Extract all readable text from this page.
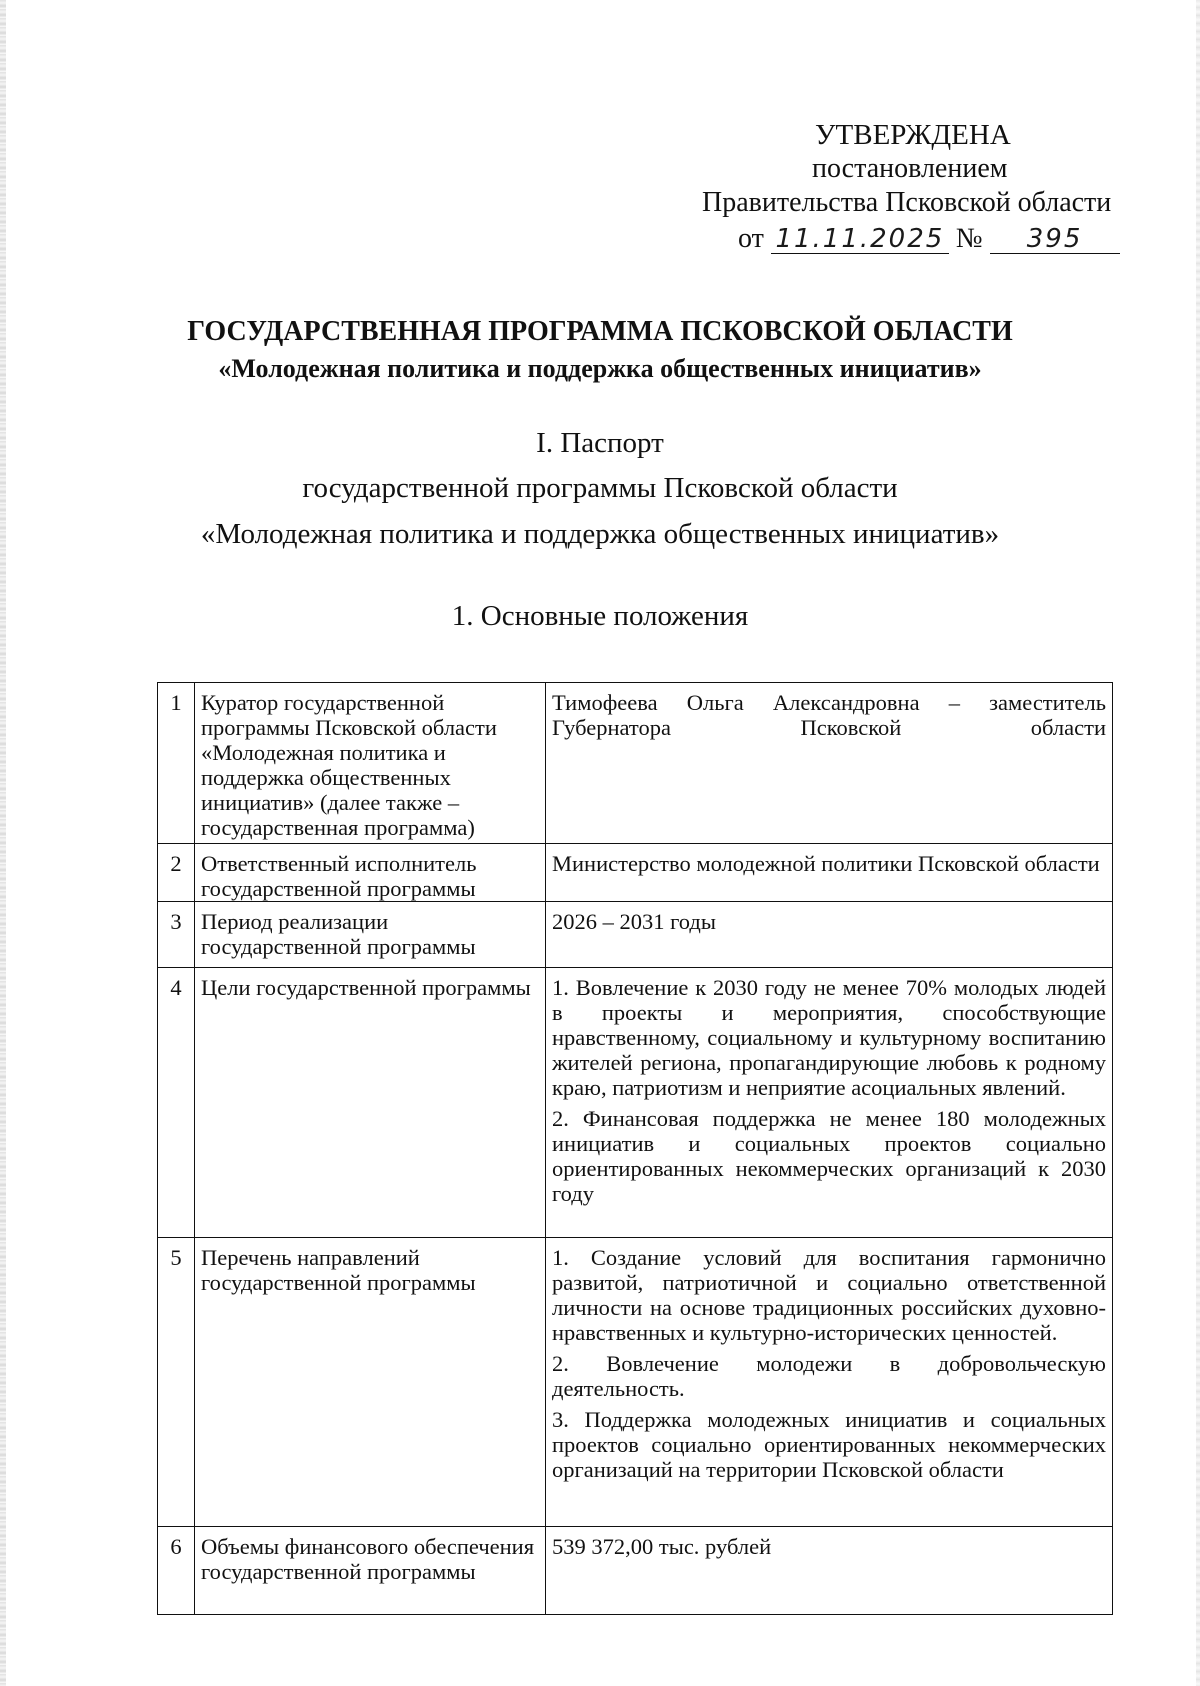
УТВЕРЖДЕНА
постановлением
Правительства Псковской области
от 11.11.2025 № 395
ГОСУДАРСТВЕННАЯ ПРОГРАММА ПСКОВСКОЙ ОБЛАСТИ
«Молодежная политика и поддержка общественных инициатив»
I. Паспорт
государственной программы Псковской области
«Молодежная политика и поддержка общественных инициатив»
1. Основные положения
1	Куратор государственной программы Псковской области «Молодежная политика и поддержка общественных инициатив» (далее также – государственная программа)	Тимофеева Ольга Александровна – заместитель Губернатора Псковской области

2	Ответственный исполнитель государственной программы	Министерство молодежной политики Псковской области

3	Период реализации государственной программы	2026 – 2031 годы

4	Цели государственной программы	1. Вовлечение к 2030 году не менее 70% молодых людей в проекты и мероприятия, способствующие нравственному, социальному и культурному воспитанию жителей региона, пропагандирующие любовь к родному краю, патриотизм и неприятие асоциальных явлений.

2. Финансовая поддержка не менее 180 молодежных инициатив и социальных проектов социально ориентированных некоммерческих организаций к 2030 году

5	Перечень направлений государственной программы	1. Создание условий для воспитания гармонично развитой, патриотичной и социально ответственной личности на основе традиционных российских духовно-нравственных и культурно-исторических ценностей.

2. Вовлечение молодежи в добровольческую деятельность.

3. Поддержка молодежных инициатив и социальных проектов социально ориентированных некоммерческих организаций на территории Псковской области

6	Объемы финансового обеспечения государственной программы	539 372,00 тыс. рублей
